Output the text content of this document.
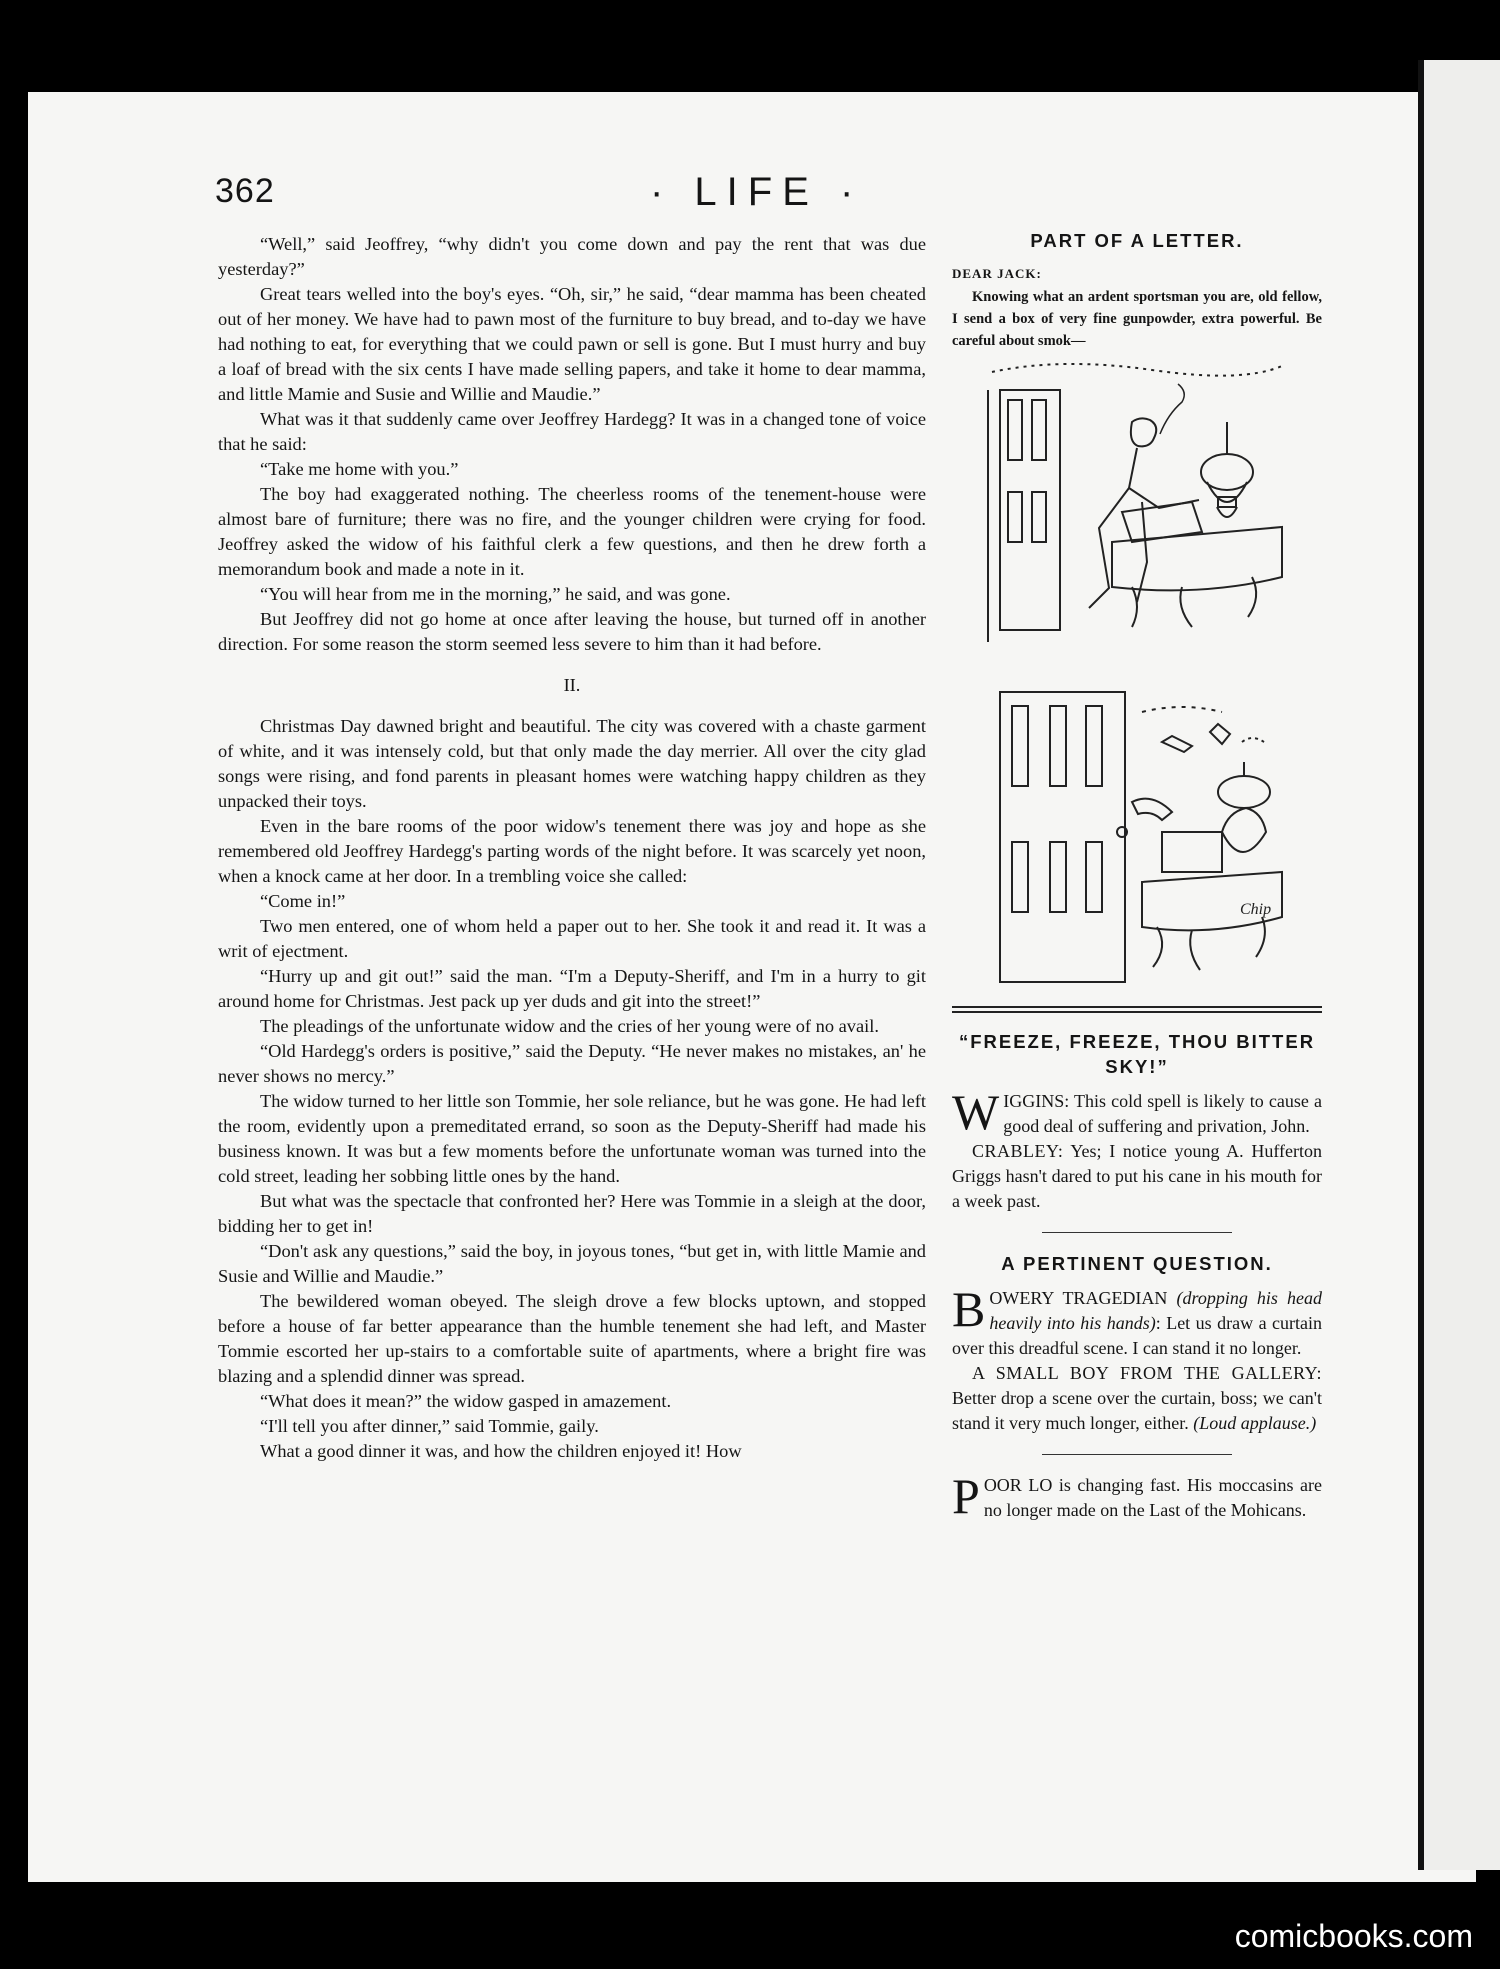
362	· LIFE ·

“Well,” said Jeoffrey, “why didn't you come down and pay the rent that was due yesterday?”

Great tears welled into the boy's eyes. “Oh, sir,” he said, “dear mamma has been cheated out of her money. We have had to pawn most of the furniture to buy bread, and to-day we have had nothing to eat, for everything that we could pawn or sell is gone. But I must hurry and buy a loaf of bread with the six cents I have made selling papers, and take it home to dear mamma, and little Mamie and Susie and Willie and Maudie.”

What was it that suddenly came over Jeoffrey Hardegg? It was in a changed tone of voice that he said:

“Take me home with you.”

The boy had exaggerated nothing. The cheerless rooms of the tenement-house were almost bare of furniture; there was no fire, and the younger children were crying for food. Jeoffrey asked the widow of his faithful clerk a few questions, and then he drew forth a memorandum book and made a note in it.

“You will hear from me in the morning,” he said, and was gone.

But Jeoffrey did not go home at once after leaving the house, but turned off in another direction. For some reason the storm seemed less severe to him than it had before.

II.

Christmas Day dawned bright and beautiful. The city was covered with a chaste garment of white, and it was intensely cold, but that only made the day merrier. All over the city glad songs were rising, and fond parents in pleasant homes were watching happy children as they unpacked their toys.

Even in the bare rooms of the poor widow's tenement there was joy and hope as she remembered old Jeoffrey Hardegg's parting words of the night before. It was scarcely yet noon, when a knock came at her door. In a trembling voice she called:

“Come in!”

Two men entered, one of whom held a paper out to her. She took it and read it. It was a writ of ejectment.

“Hurry up and git out!” said the man. “I'm a Deputy-Sheriff, and I'm in a hurry to git around home for Christmas. Jest pack up yer duds and git into the street!”

The pleadings of the unfortunate widow and the cries of her young were of no avail.

“Old Hardegg's orders is positive,” said the Deputy. “He never makes no mistakes, an' he never shows no mercy.”

The widow turned to her little son Tommie, her sole reliance, but he was gone. He had left the room, evidently upon a premeditated errand, so soon as the Deputy-Sheriff had made his business known. It was but a few moments before the unfortunate woman was turned into the cold street, leading her sobbing little ones by the hand.

But what was the spectacle that confronted her? Here was Tommie in a sleigh at the door, bidding her to get in!

“Don't ask any questions,” said the boy, in joyous tones, “but get in, with little Mamie and Susie and Willie and Maudie.”

The bewildered woman obeyed. The sleigh drove a few blocks uptown, and stopped before a house of far better appearance than the humble tenement she had left, and Master Tommie escorted her up-stairs to a comfortable suite of apartments, where a bright fire was blazing and a splendid dinner was spread.

“What does it mean?” the widow gasped in amazement.

“I'll tell you after dinner,” said Tommie, gaily.

What a good dinner it was, and how the children enjoyed it! How

PART OF A LETTER.
DEAR JACK:

Knowing what an ardent sportsman you are, old fellow, I send a box of very fine gunpowder, extra powerful. Be careful about smok—

Chip
“FREEZE, FREEZE, THOU BITTER SKY!”

WIGGINS: This cold spell is likely to cause a good deal of suffering and privation, John.

CRABLEY: Yes; I notice young A. Hufferton Griggs hasn't dared to put his cane in his mouth for a week past.

A PERTINENT QUESTION.

BOWERY TRAGEDIAN (dropping his head heavily into his hands): Let us draw a curtain over this dreadful scene. I can stand it no longer.

A SMALL BOY FROM THE GALLERY: Better drop a scene over the curtain, boss; we can't stand it very much longer, either. (Loud applause.)

POOR LO is changing fast. His moccasins are no longer made on the Last of the Mohicans.

comicbooks.com
